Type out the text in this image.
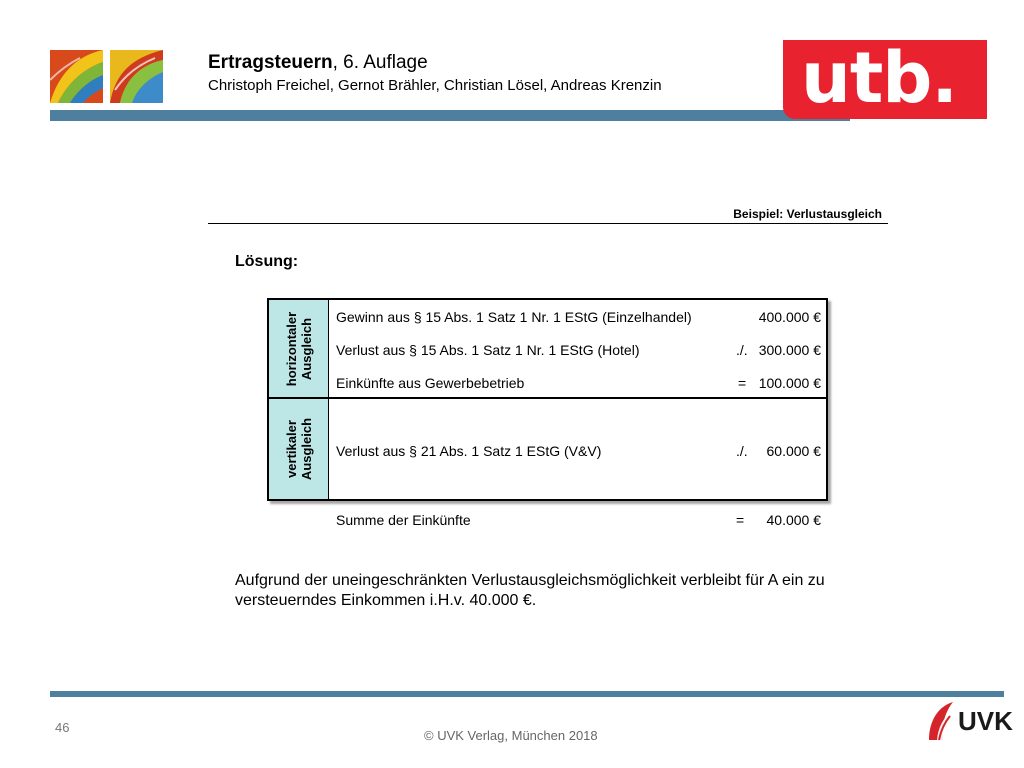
Ertragsteuern, 6. Auflage
Christoph Freichel, Gernot Brähler, Christian Lösel, Andreas Krenzin utb.
Beispiel: Verlustausgleich
Lösung:
horizontaler Ausgleich
vertikaler Ausgleich
Gewinn aus § 15 Abs. 1 Satz 1 Nr. 1 EStG (Einzelhandel)	400.000 €
Verlust aus § 15 Abs. 1 Satz 1 Nr. 1 EStG (Hotel)	./. 300.000 €
Einkünfte aus Gewerbebetrieb	= 100.000 €
Verlust aus § 21 Abs. 1 Satz 1 EStG (V&V)	./. 60.000 €
Summe der Einkünfte	= 40.000 €
Aufgrund der uneingeschränkten Verlustausgleichsmöglichkeit verbleibt für A ein zu versteuerndes Einkommen i.H.v. 40.000 €.
46
© UVK Verlag, München 2018	UVK
